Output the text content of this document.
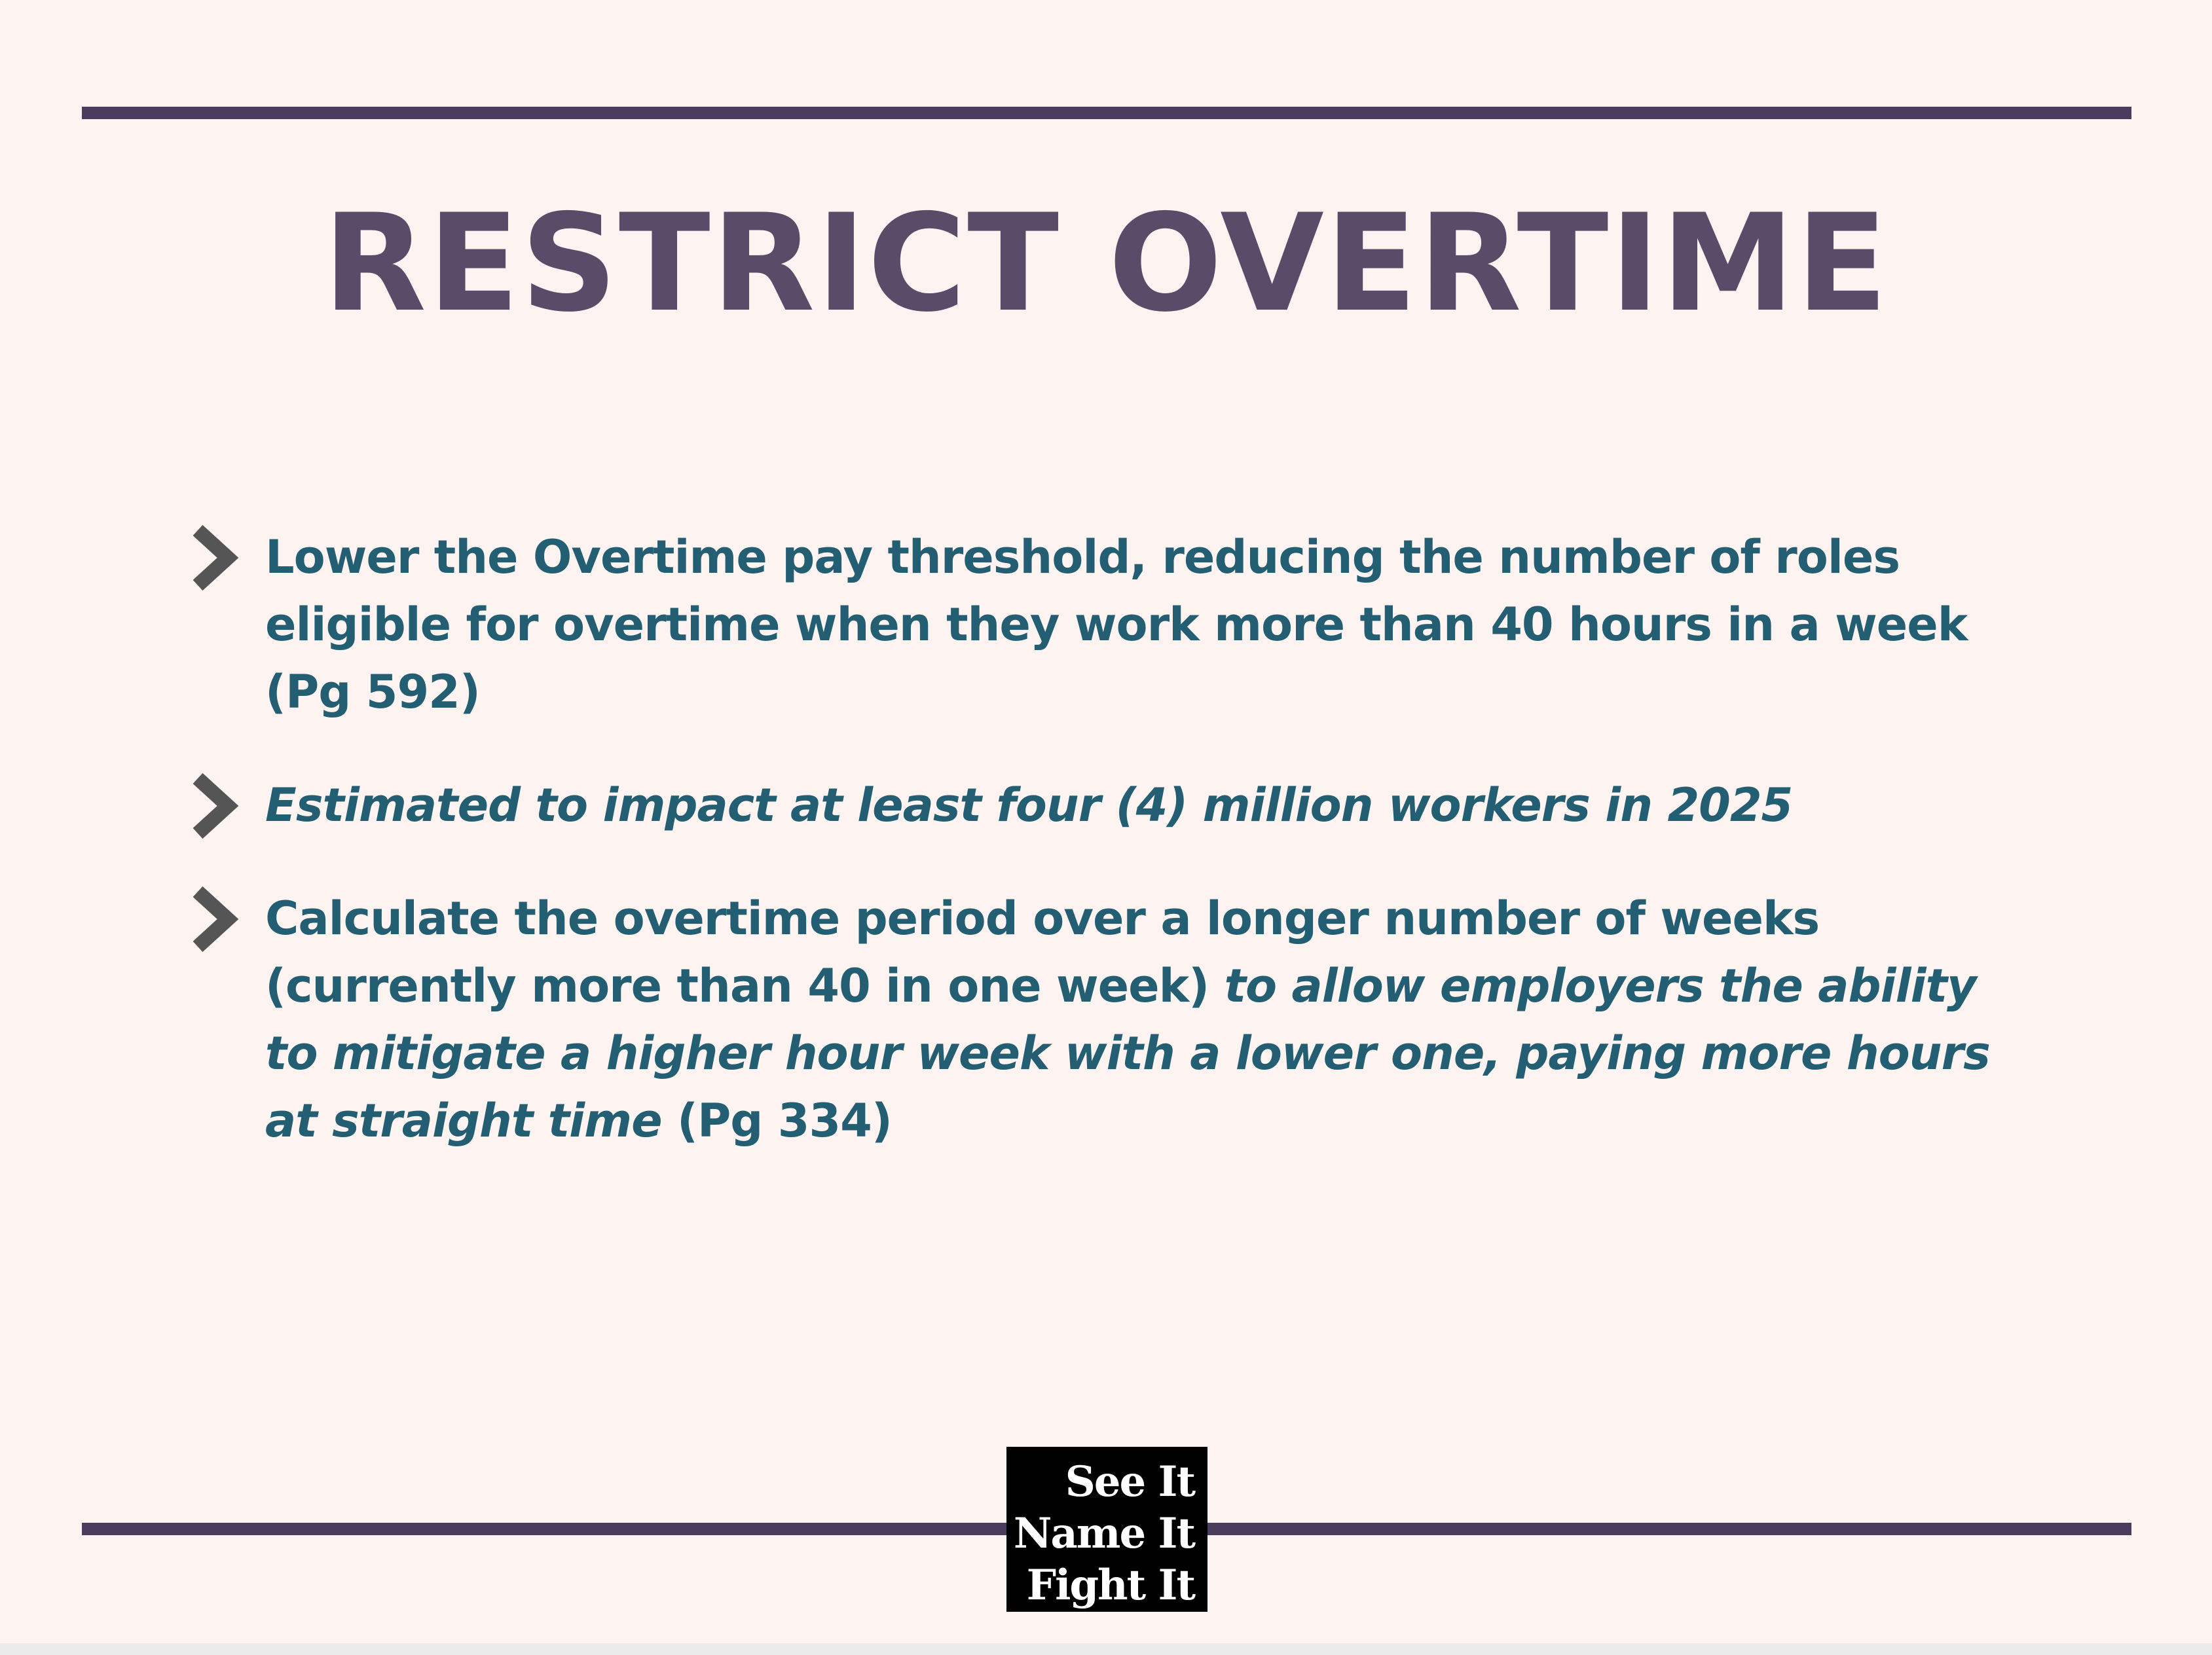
RESTRICT OVERTIME
Lower the Overtime pay threshold, reducing the number of roles eligible for overtime when they work more than 40 hours in a week (Pg 592)
Estimated to impact at least four (4) million workers in 2025
Calculate the overtime period over a longer number of weeks (currently more than 40 in one week) to allow employers the ability to mitigate a higher hour week with a lower one, paying more hours at straight time (Pg 334)
See It
Name It
Fight It
